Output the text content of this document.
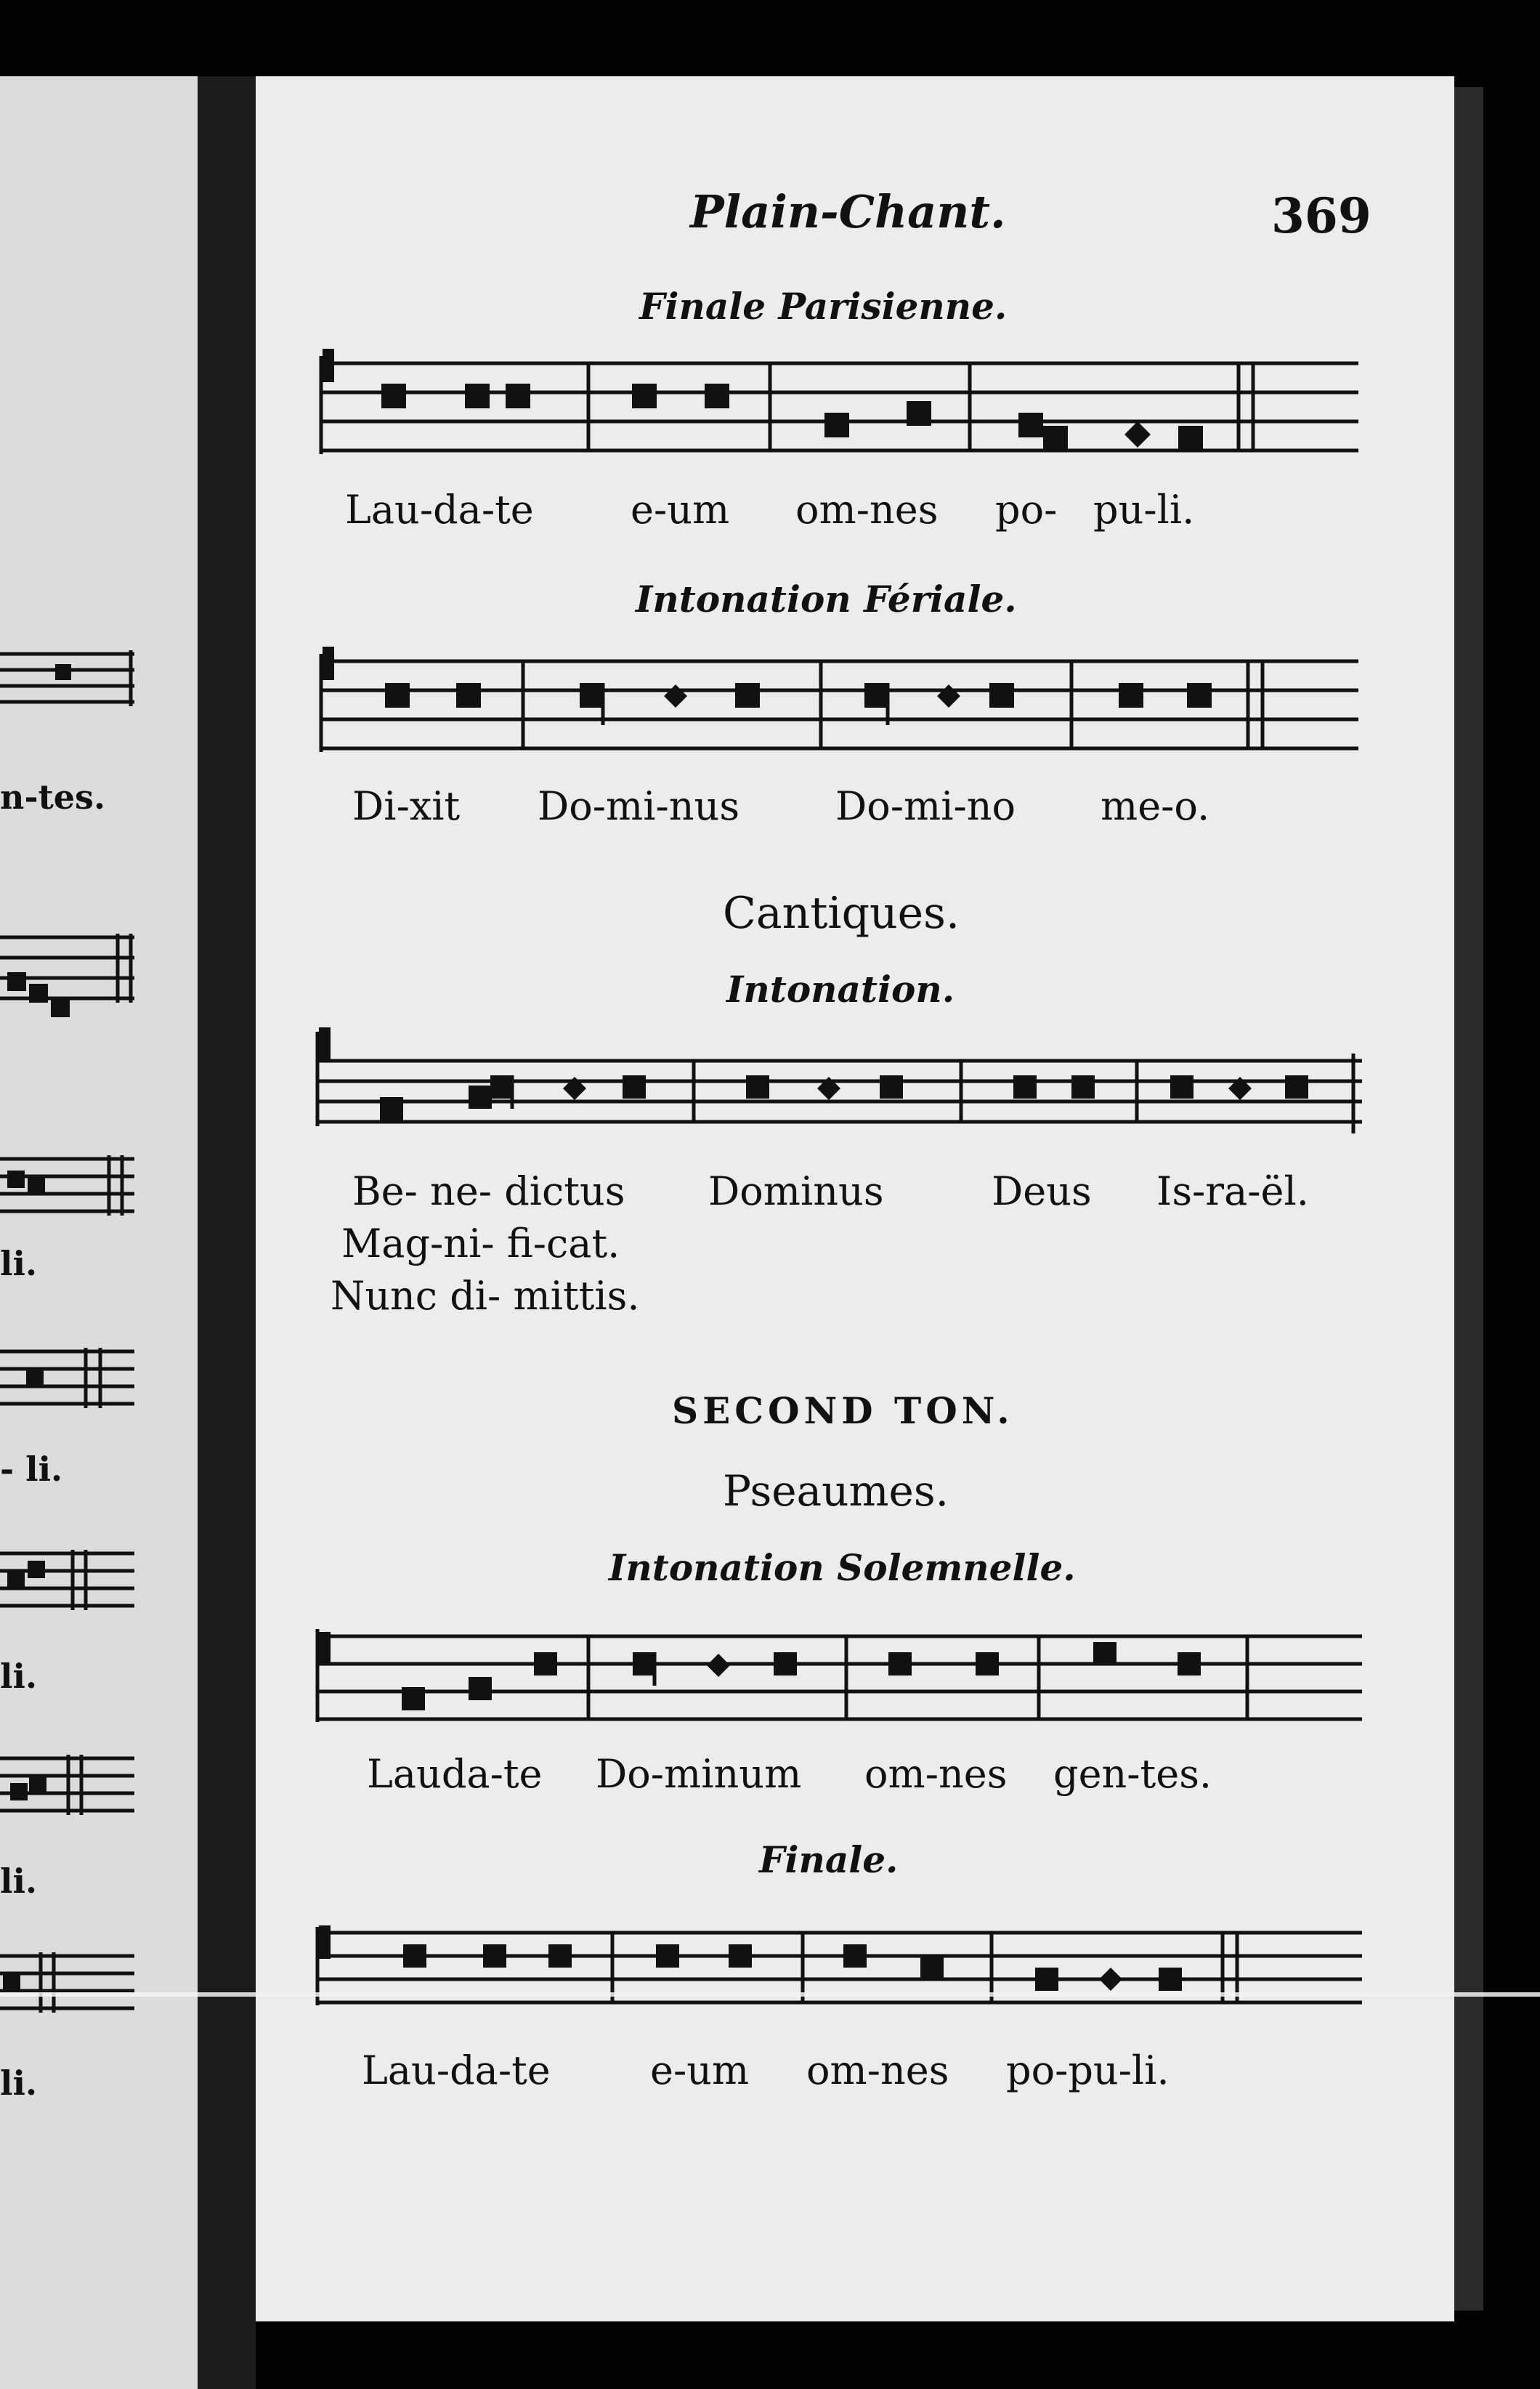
n-tes.
li.
- li.
li.
li.
li.
Plain-Chant.	369
Finale Parisienne.
Lau-da-te e-um om-nes po- pu-li.
Intonation Fériale.
Di-xit Do-mi-nus Do-mi-no me-o.
Cantiques.
Intonation.
Be- ne- dictus Dominus	Deus Is-ra-ël.
Mag-ni- fi-cat.
Nunc di- mittis.
SECOND TON.
Pseaumes.
Intonation Solemnelle.
Lauda-te Do-minum om-nes gen-tes.
Finale.
Lau-da-te	e-um om-nes po-pu-li.
